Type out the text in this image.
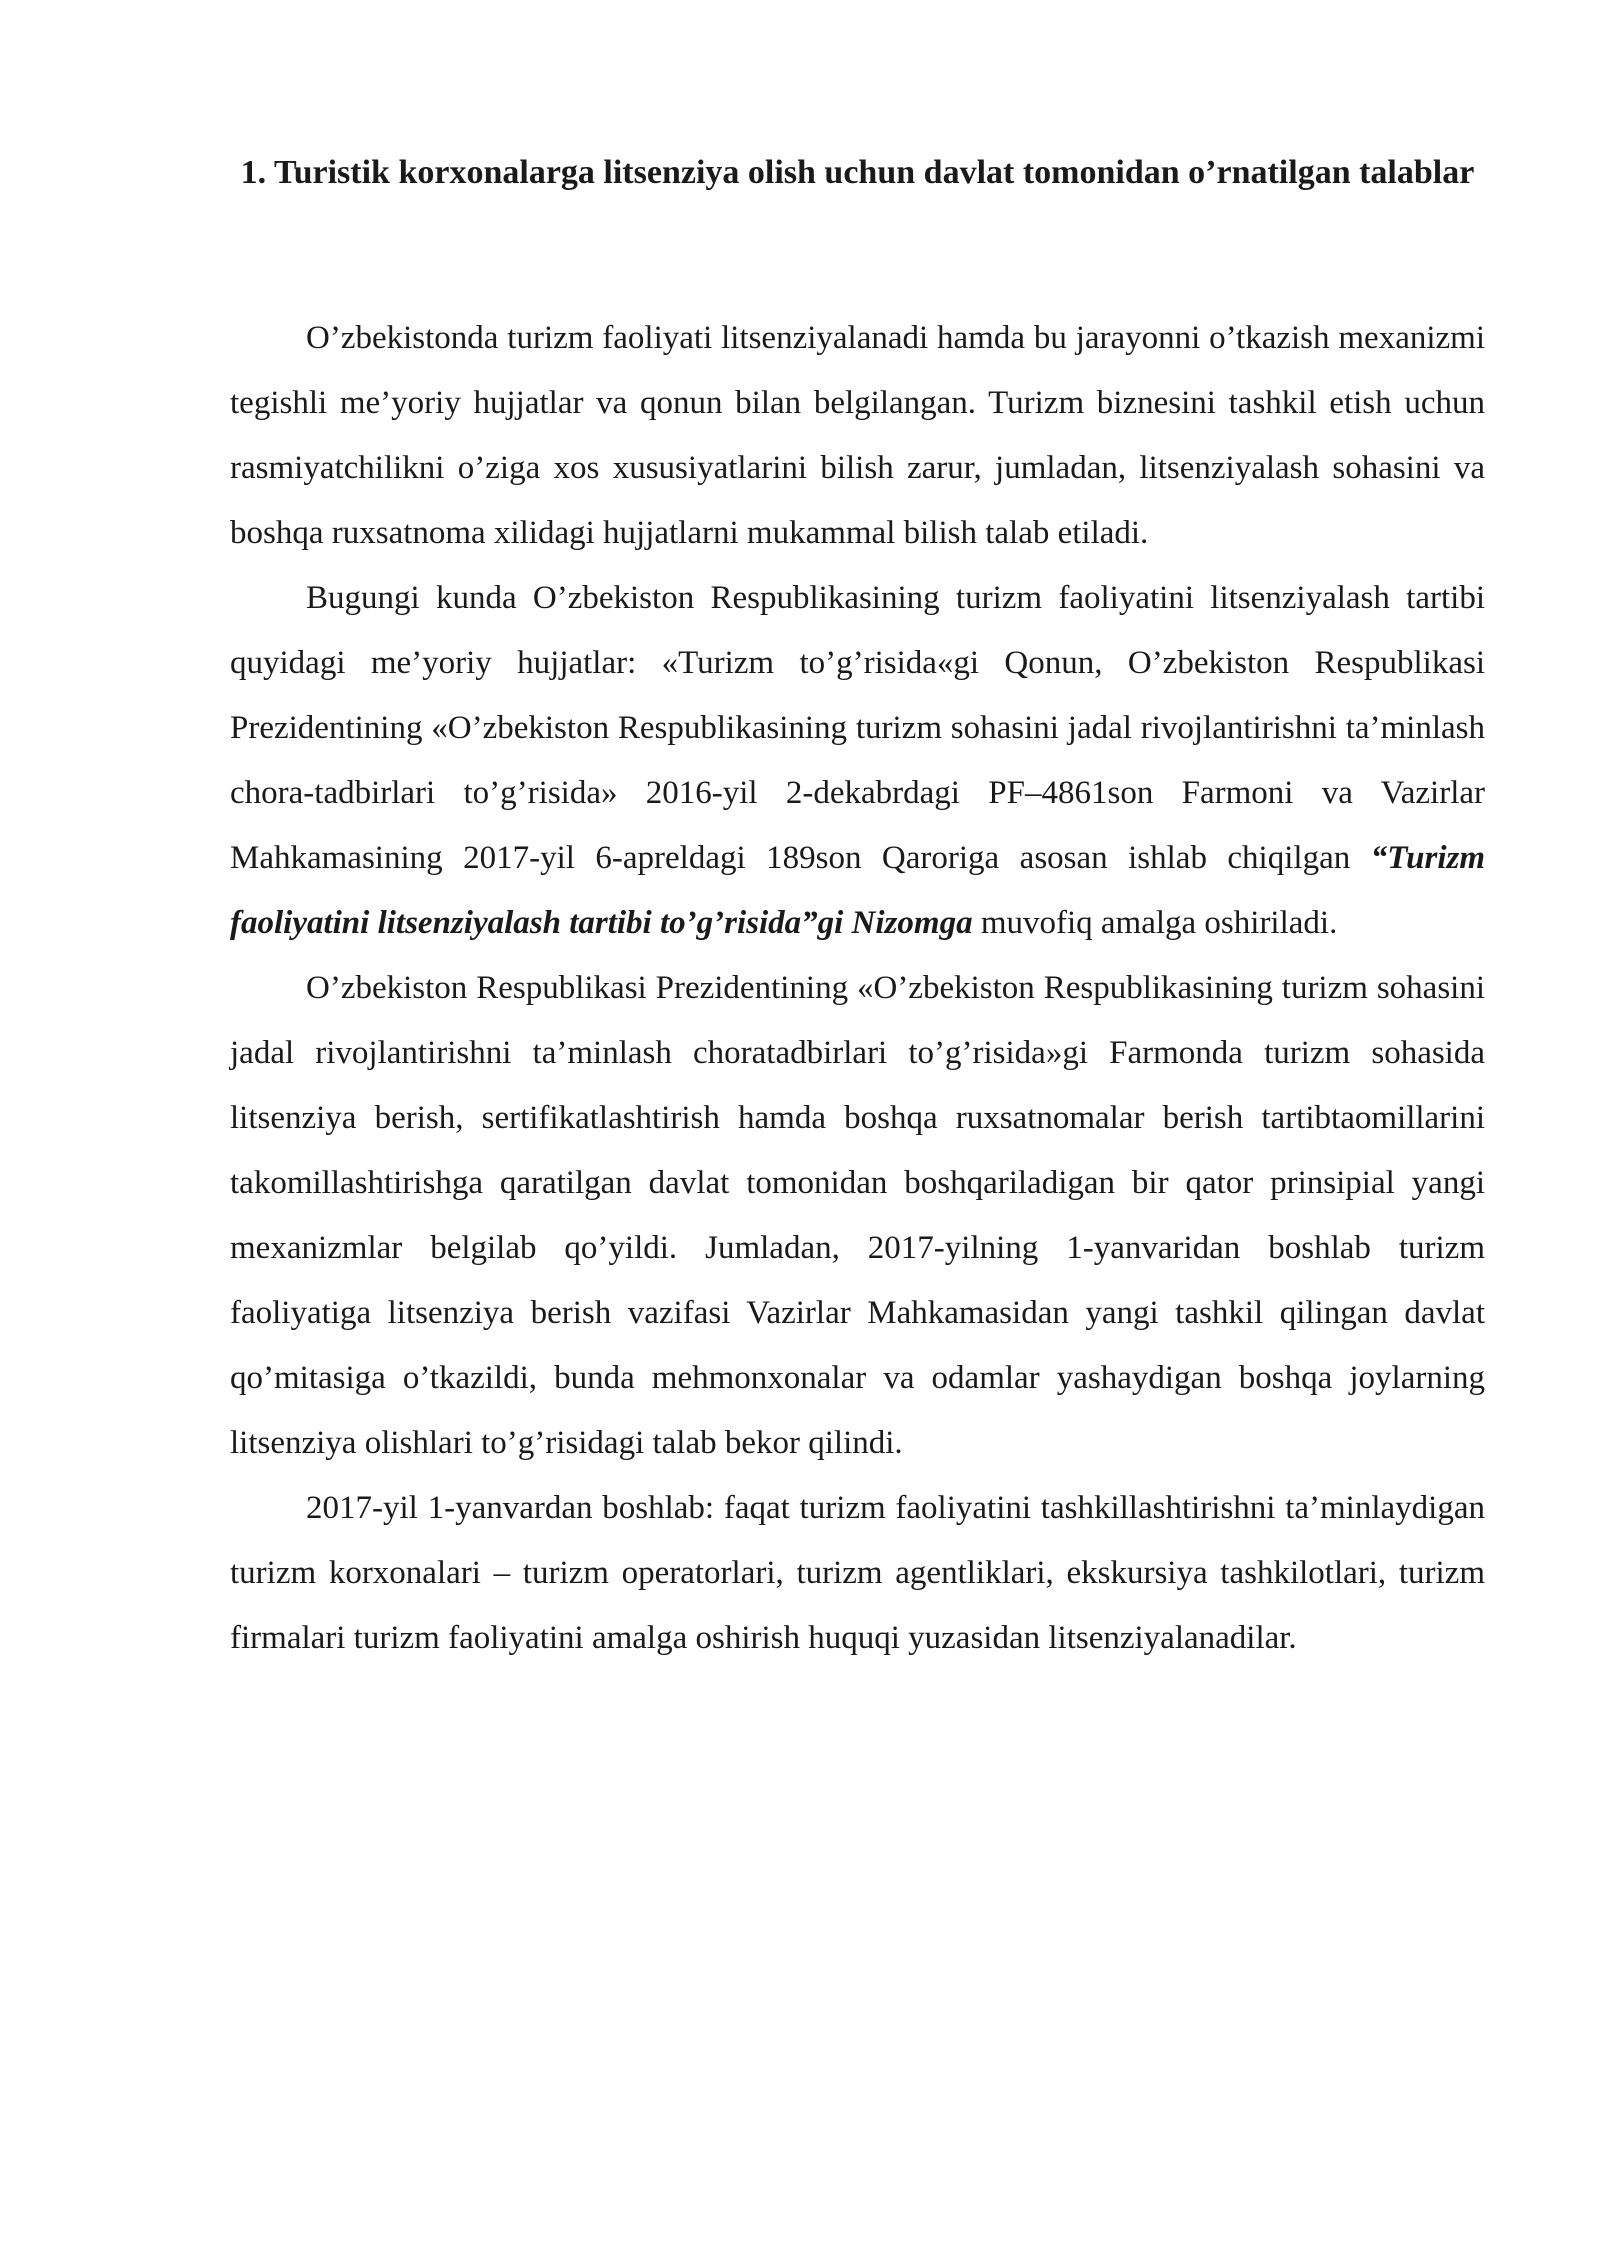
1. Turistik korxonalarga litsenziya olish uchun davlat tomonidan o’rnatilgan talablar

O’zbekistonda turizm faoliyati litsenziyalanadi hamda bu jarayonni o’tkazish mexanizmi tegishli me’yoriy hujjatlar va qonun bilan belgilangan. Turizm biznesini tashkil etish uchun rasmiyatchilikni o’ziga xos xususiyatlarini bilish zarur, jumladan, litsenziyalash sohasini va boshqa ruxsatnoma xilidagi hujjatlarni mukammal bilish talab etiladi.

Bugungi kunda O’zbekiston Respublikasining turizm faoliyatini litsenziyalash tartibi quyidagi me’yoriy hujjatlar: «Turizm to’g’risida«gi Qonun, O’zbekiston Respublikasi Prezidentining «O’zbekiston Respublikasining turizm sohasini jadal rivojlantirishni ta’minlash chora-tadbirlari to’g’risida» 2016-yil 2-dekabrdagi PF–4861son Farmoni va Vazirlar Mahkamasining 2017-yil 6-apreldagi 189son Qaroriga asosan ishlab chiqilgan “Turizm faoliyatini litsenziyalash tartibi to’g’risida”gi Nizomga muvofiq amalga oshiriladi.

O’zbekiston Respublikasi Prezidentining «O’zbekiston Respublikasining turizm sohasini jadal rivojlantirishni ta’minlash choratadbirlari to’g’risida»gi Farmonda turizm sohasida litsenziya berish, sertifikatlashtirish hamda boshqa ruxsatnomalar berish tartibtaomillarini takomillashtirishga qaratilgan davlat tomonidan boshqariladigan bir qator prinsipial yangi mexanizmlar belgilab qo’yildi. Jumladan, 2017-yilning 1-yanvaridan boshlab turizm faoliyatiga litsenziya berish vazifasi Vazirlar Mahkamasidan yangi tashkil qilingan davlat qo’mitasiga o’tkazildi, bunda mehmonxonalar va odamlar yashaydigan boshqa joylarning litsenziya olishlari to’g’risidagi talab bekor qilindi.

2017-yil 1-yanvardan boshlab: faqat turizm faoliyatini tashkillashtirishni ta’minlaydigan turizm korxonalari – turizm operatorlari, turizm agentliklari, ekskursiya tashkilotlari, turizm firmalari turizm faoliyatini amalga oshirish huquqi yuzasidan litsenziyalanadilar.
